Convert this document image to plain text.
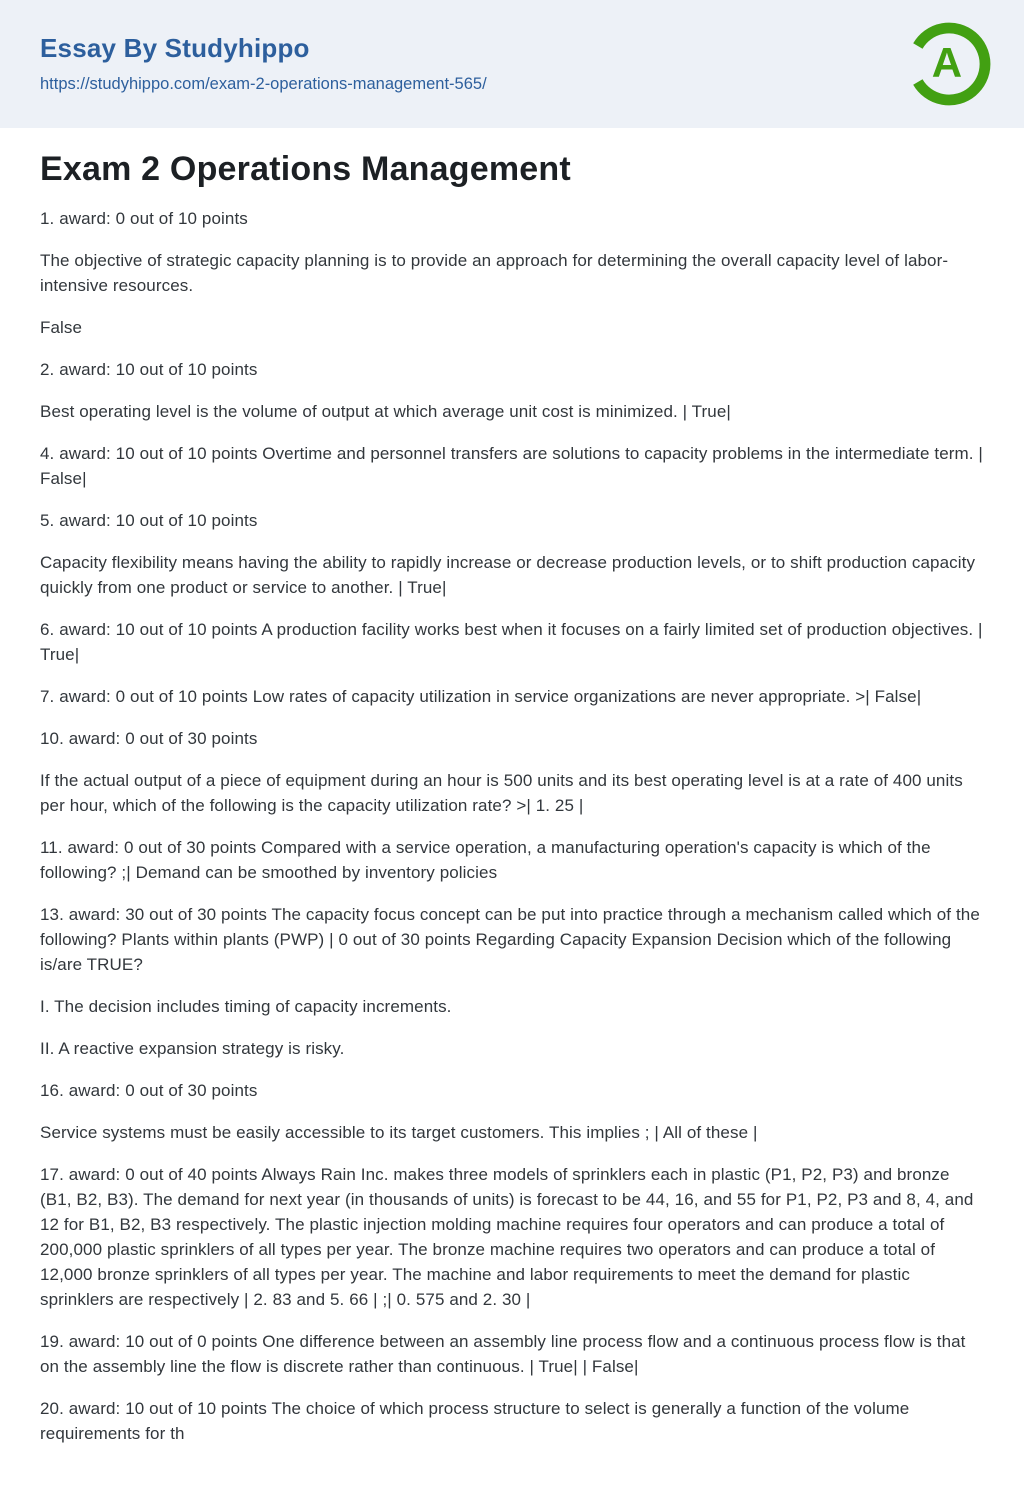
Essay By Studyhippo
https://studyhippo.com/exam-2-operations-management-565/	A
Exam 2 Operations Management

1. award: 0 out of 10 points

The objective of strategic capacity planning is to provide an approach for determining the overall capacity level of labor-intensive resources.

False

2. award: 10 out of 10 points

Best operating level is the volume of output at which average unit cost is minimized. | True|

4. award: 10 out of 10 points Overtime and personnel transfers are solutions to capacity problems in the intermediate term. | False|

5. award: 10 out of 10 points

Capacity flexibility means having the ability to rapidly increase or decrease production levels, or to shift production capacity quickly from one product or service to another. | True|

6. award: 10 out of 10 points A production facility works best when it focuses on a fairly limited set of production objectives. | True|

7. award: 0 out of 10 points Low rates of capacity utilization in service organizations are never appropriate. >| False|

10. award: 0 out of 30 points

If the actual output of a piece of equipment during an hour is 500 units and its best operating level is at a rate of 400 units per hour, which of the following is the capacity utilization rate? >| 1. 25 |

11. award: 0 out of 30 points Compared with a service operation, a manufacturing operation's capacity is which of the following? ;| Demand can be smoothed by inventory policies

13. award: 30 out of 30 points The capacity focus concept can be put into practice through a mechanism called which of the following? Plants within plants (PWP) | 0 out of 30 points Regarding Capacity Expansion Decision which of the following is/are TRUE?

I. The decision includes timing of capacity increments.

II. A reactive expansion strategy is risky.

16. award: 0 out of 30 points

Service systems must be easily accessible to its target customers. This implies ; | All of these |

17. award: 0 out of 40 points Always Rain Inc. makes three models of sprinklers each in plastic (P1, P2, P3) and bronze (B1, B2, B3). The demand for next year (in thousands of units) is forecast to be 44, 16, and 55 for P1, P2, P3 and 8, 4, and 12 for B1, B2, B3 respectively. The plastic injection molding machine requires four operators and can produce a total of 200,000 plastic sprinklers of all types per year. The bronze machine requires two operators and can produce a total of 12,000 bronze sprinklers of all types per year. The machine and labor requirements to meet the demand for plastic sprinklers are respectively | 2. 83 and 5. 66 | ;| 0. 575 and 2. 30 |

19. award: 10 out of 0 points One difference between an assembly line process flow and a continuous process flow is that on the assembly line the flow is discrete rather than continuous. | True| | False|

20. award: 10 out of 10 points The choice of which process structure to select is generally a function of the volume requirements for th
